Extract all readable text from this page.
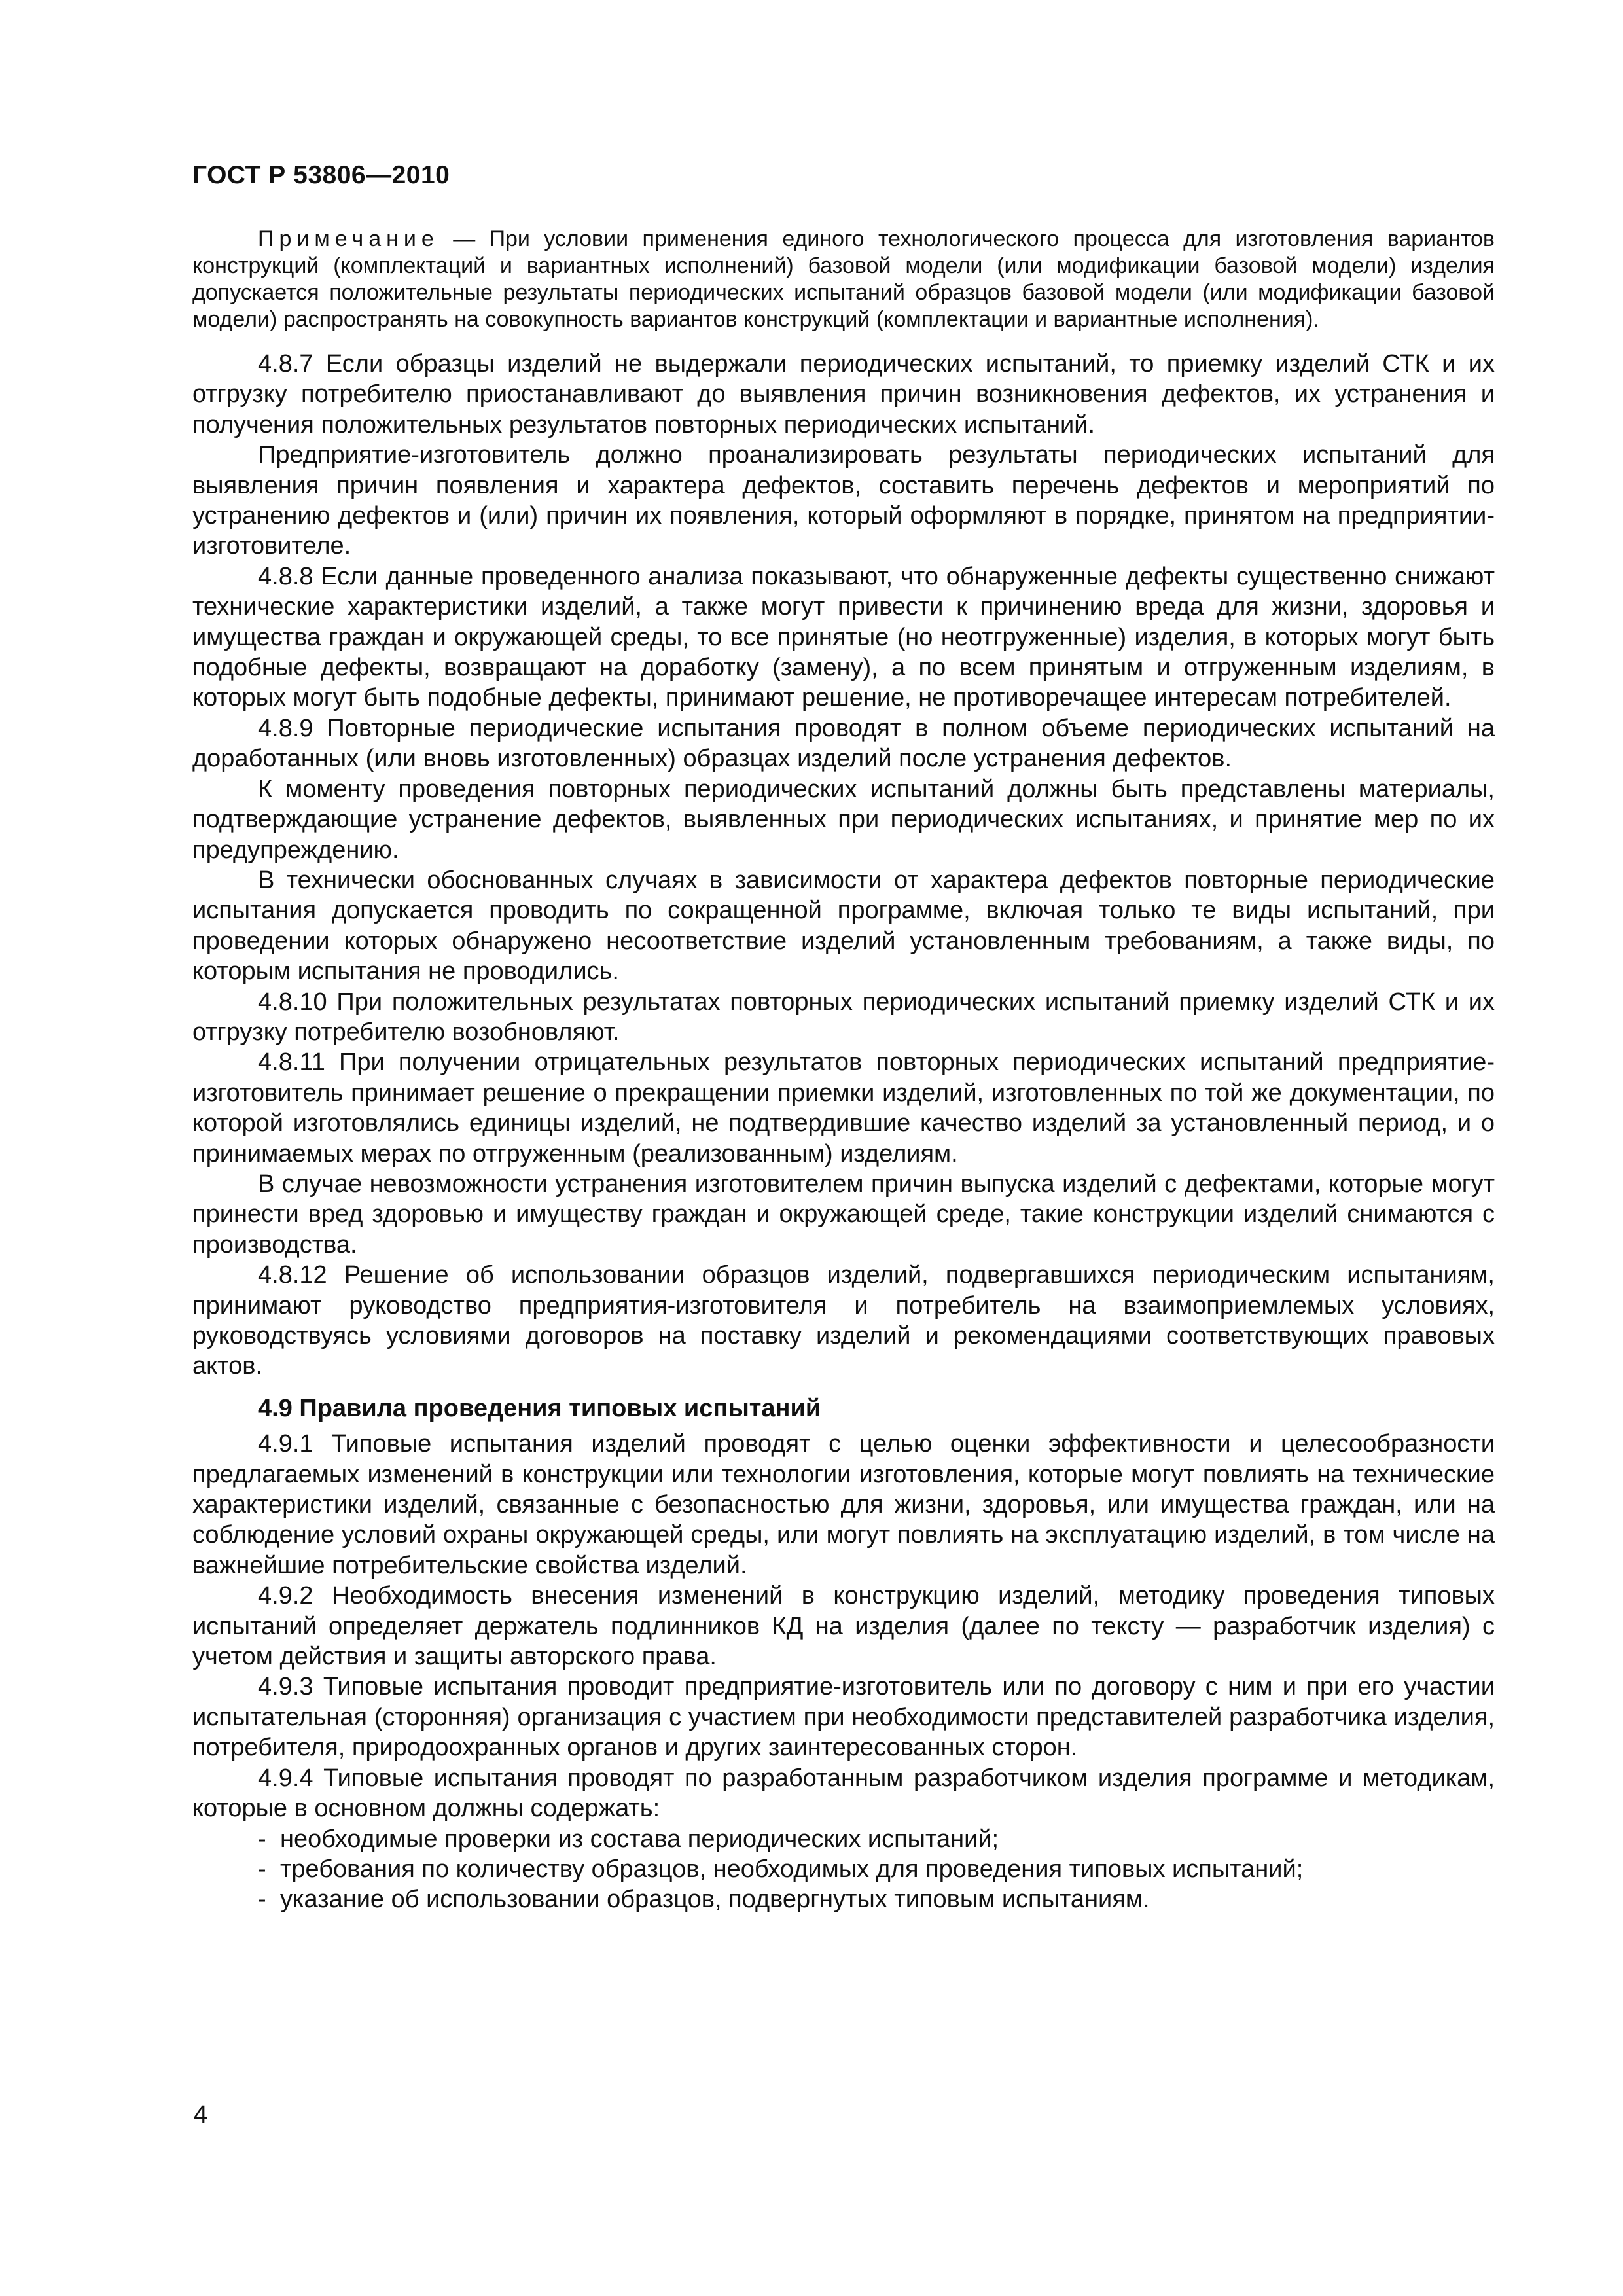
ГОСТ Р 53806—2010

Примечание — При условии применения единого технологического процесса для изготовления вариантов конструкций (комплектаций и вариантных исполнений) базовой модели (или модификации базовой модели) изделия допускается положительные результаты периодических испытаний образцов базовой модели (или модификации базовой модели) распространять на совокупность вариантов конструкций (комплектации и вариантные исполнения).

4.8.7 Если образцы изделий не выдержали периодических испытаний, то приемку изделий СТК и их отгрузку потребителю приостанавливают до выявления причин возникновения дефектов, их устранения и получения положительных результатов повторных периодических испытаний.

Предприятие-изготовитель должно проанализировать результаты периодических испытаний для выявления причин появления и характера дефектов, составить перечень дефектов и мероприятий по устранению дефектов и (или) причин их появления, который оформляют в порядке, принятом на предприятии-изготовителе.

4.8.8 Если данные проведенного анализа показывают, что обнаруженные дефекты существенно снижают технические характеристики изделий, а также могут привести к причинению вреда для жизни, здоровья и имущества граждан и окружающей среды, то все принятые (но неотгруженные) изделия, в которых могут быть подобные дефекты, возвращают на доработку (замену), а по всем принятым и отгруженным изделиям, в которых могут быть подобные дефекты, принимают решение, не противоречащее интересам потребителей.

4.8.9 Повторные периодические испытания проводят в полном объеме периодических испытаний на доработанных (или вновь изготовленных) образцах изделий после устранения дефектов.

К моменту проведения повторных периодических испытаний должны быть представлены материалы, подтверждающие устранение дефектов, выявленных при периодических испытаниях, и принятие мер по их предупреждению.

В технически обоснованных случаях в зависимости от характера дефектов повторные периодические испытания допускается проводить по сокращенной программе, включая только те виды испытаний, при проведении которых обнаружено несоответствие изделий установленным требованиям, а также виды, по которым испытания не проводились.

4.8.10 При положительных результатах повторных периодических испытаний приемку изделий СТК и их отгрузку потребителю возобновляют.

4.8.11 При получении отрицательных результатов повторных периодических испытаний предприятие-изготовитель принимает решение о прекращении приемки изделий, изготовленных по той же документации, по которой изготовлялись единицы изделий, не подтвердившие качество изделий за установленный период, и о принимаемых мерах по отгруженным (реализованным) изделиям.

В случае невозможности устранения изготовителем причин выпуска изделий с дефектами, которые могут принести вред здоровью и имуществу граждан и окружающей среде, такие конструкции изделий снимаются с производства.

4.8.12 Решение об использовании образцов изделий, подвергавшихся периодическим испытаниям, принимают руководство предприятия-изготовителя и потребитель на взаимоприемлемых условиях, руководствуясь условиями договоров на поставку изделий и рекомендациями соответствующих правовых актов.

4.9 Правила проведения типовых испытаний

4.9.1 Типовые испытания изделий проводят с целью оценки эффективности и целесообразности предлагаемых изменений в конструкции или технологии изготовления, которые могут повлиять на технические характеристики изделий, связанные с безопасностью для жизни, здоровья, или имущества граждан, или на соблюдение условий охраны окружающей среды, или могут повлиять на эксплуатацию изделий, в том числе на важнейшие потребительские свойства изделий.

4.9.2 Необходимость внесения изменений в конструкцию изделий, методику проведения типовых испытаний определяет держатель подлинников КД на изделия (далее по тексту — разработчик изделия) с учетом действия и защиты авторского права.

4.9.3 Типовые испытания проводит предприятие-изготовитель или по договору с ним и при его участии испытательная (сторонняя) организация с участием при необходимости представителей разработчика изделия, потребителя, природоохранных органов и других заинтересованных сторон.

4.9.4 Типовые испытания проводят по разработанным разработчиком изделия программе и методикам, которые в основном должны содержать:

- необходимые проверки из состава периодических испытаний;
- требования по количеству образцов, необходимых для проведения типовых испытаний;
- указание об использовании образцов, подвергнутых типовым испытаниям.
4
